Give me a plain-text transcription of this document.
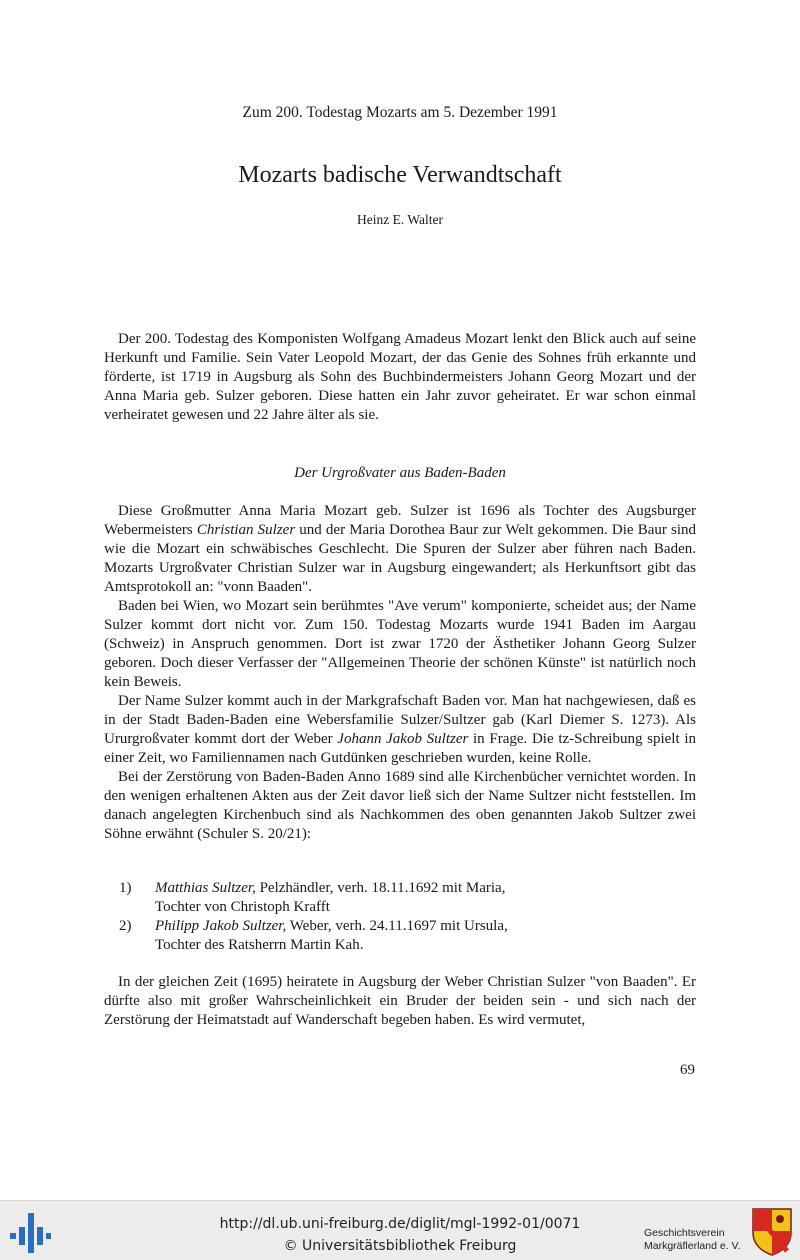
Zum 200. Todestag Mozarts am 5. Dezember 1991
Mozarts badische Verwandtschaft
Heinz E. Walter

Der 200. Todestag des Komponisten Wolfgang Amadeus Mozart lenkt den Blick auch auf seine Herkunft und Familie. Sein Vater Leopold Mozart, der das Genie des Sohnes früh erkannte und förderte, ist 1719 in Augsburg als Sohn des Buchbindermeisters Johann Georg Mozart und der Anna Maria geb. Sulzer geboren. Diese hatten ein Jahr zuvor geheiratet. Er war schon einmal verheiratet gewesen und 22 Jahre älter als sie.

Der Urgroßvater aus Baden-Baden

Diese Großmutter Anna Maria Mozart geb. Sulzer ist 1696 als Tochter des Augsburger Webermeisters Christian Sulzer und der Maria Dorothea Baur zur Welt gekommen. Die Baur sind wie die Mozart ein schwäbisches Geschlecht. Die Spuren der Sulzer aber führen nach Baden. Mozarts Urgroßvater Christian Sulzer war in Augsburg eingewandert; als Herkunftsort gibt das Amtsprotokoll an: "vonn Baaden".

Baden bei Wien, wo Mozart sein berühmtes "Ave verum" komponierte, scheidet aus; der Name Sulzer kommt dort nicht vor. Zum 150. Todestag Mozarts wurde 1941 Baden im Aargau (Schweiz) in Anspruch genommen. Dort ist zwar 1720 der Ästhetiker Johann Georg Sulzer geboren. Doch dieser Verfasser der "Allgemeinen Theorie der schönen Künste" ist natürlich noch kein Beweis.

Der Name Sulzer kommt auch in der Markgrafschaft Baden vor. Man hat nachgewiesen, daß es in der Stadt Baden-Baden eine Webersfamilie Sulzer/Sultzer gab (Karl Diemer S. 1273). Als Ururgroßvater kommt dort der Weber Johann Jakob Sultzer in Frage. Die tz-Schreibung spielt in einer Zeit, wo Familiennamen nach Gutdünken geschrieben wurden, keine Rolle.

Bei der Zerstörung von Baden-Baden Anno 1689 sind alle Kirchenbücher vernichtet worden. In den wenigen erhaltenen Akten aus der Zeit davor ließ sich der Name Sultzer nicht feststellen. Im danach angelegten Kirchenbuch sind als Nachkommen des oben genannten Jakob Sultzer zwei Söhne erwähnt (Schuler S. 20/21):

1) Matthias Sultzer, Pelzhändler, verh. 18.11.1692 mit Maria,
Tochter von Christoph Krafft
2) Philipp Jakob Sultzer, Weber, verh. 24.11.1697 mit Ursula,
Tochter des Ratsherrn Martin Kah.

In der gleichen Zeit (1695) heiratete in Augsburg der Weber Christian Sulzer "von Baaden". Er dürfte also mit großer Wahrscheinlichkeit ein Bruder der beiden sein - und sich nach der Zerstörung der Heimatstadt auf Wanderschaft begeben haben. Es wird vermutet,

69
http://dl.ub.uni-freiburg.de/diglit/mgl-1992-01/0071
© Universitätsbibliothek Freiburg
Geschichtsverein
Markgräflerland e. V.
